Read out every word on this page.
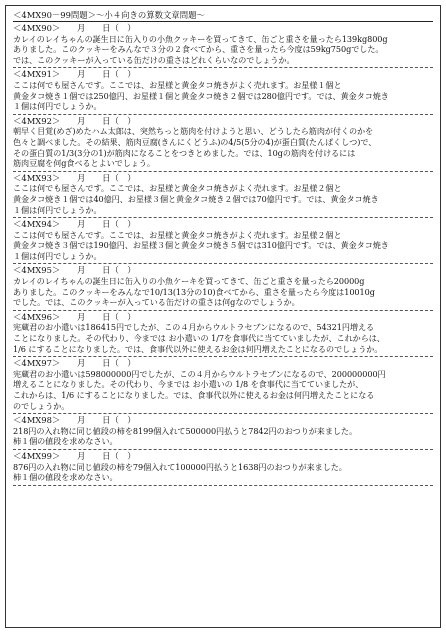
＜4MX90－99問題＞～小４向きの算数文章問題～
＜4MX90＞　　月　　日（　）
カレイのレイちゃんの誕生日に缶入りの小魚クッキーを買ってきて、缶ごと重さを量ったら139kg800g
ありました。このクッキーをみんなで３分の２食べてから、重さを量ったら今度は59kg750gでした。
では、このクッキーが入っている缶だけの重さはどれくらいなのでしょうか。
＜4MX91＞　　月　　日（　）
ここは何でも屋さんです。ここでは、お星様と黄金タコ焼きがよく売れます。お星様１個と
黄金タコ焼き１個では250億円、お星様１個と黄金タコ焼き２個では280億円です。では、黄金タコ焼き
１個は何円でしょうか。
＜4MX92＞　　月　　日（　）
朝早く目覚(めざ)めたハム太郎は、突然ちっと筋肉を付けようと思い、どうしたら筋肉が付くのかを
色々と調べました。その結果、筋肉豆腐(きんにくどうふ)の4/5(5分の4)が蛋白質(たんぱくしつ)で、
その蛋白質の1/3(3分の1)が筋肉になることをつきとめました。では、10gの筋肉を付けるには
筋肉豆腐を何g食べるとよいでしょう。
＜4MX93＞　　月　　日（　）
ここは何でも屋さんです。ここでは、お星様と黄金タコ焼きがよく売れます。お星様２個と
黄金タコ焼き１個では40億円、お星様３個と黄金タコ焼き２個では70億円です。では、黄金タコ焼き
１個は何円でしょうか。
＜4MX94＞　　月　　日（　）
ここは何でも屋さんです。ここでは、お星様と黄金タコ焼きがよく売れます。お星様２個と
黄金タコ焼き３個では190億円、お星様３個と黄金タコ焼き５個では310億円です。では、黄金タコ焼き
１個は何円でしょうか。
＜4MX95＞　　月　　日（　）
カレイのレイちゃんの誕生日に缶入りの小魚ケーキを買ってきて、缶ごと重さを量ったら20000g
ありました。このクッキーをみんなで10/13(13分の10)食べてから、重さを量ったら今度は10010g
でした。では、このクッキーが入っている缶だけの重さは何gなのでしょうか。
＜4MX96＞　　月　　日（　）
宪蔵君のお小遣いは186415円でしたが、この４月からウルトラセブンになるので、54321円増える
ことになりました。その代わり、今までは お小遣いの 1/7を食事代に当てていましたが、これからは、
1/6 にすることになりました。では、食事代以外に使えるお金は何円増えたことになるのでしょうか。
＜4MX97＞　　月　　日（　）
宪蔵君のお小遣いは598000000円でしたが、この４月からウルトラセブンになるので、200000000円
増えることになりました。その代わり、今までは お小遣いの 1/8 を食事代に当てていましたが、
これからは、1/6 にすることになりました。では、食事代以外に使えるお金は何円増えたことになる
のでしょうか。
＜4MX98＞　　月　　日（　）
218円の入れ物に同じ値段の柿を8199個入れて500000円払うと7842円のおつりが来ました。
柿１個の値段を求めなさい。
＜4MX99＞　　月　　日（　）
876円の入れ物に同じ値段の柿を79個入れて100000円払うと1638円のおつりが来ました。
柿１個の値段を求めなさい。
